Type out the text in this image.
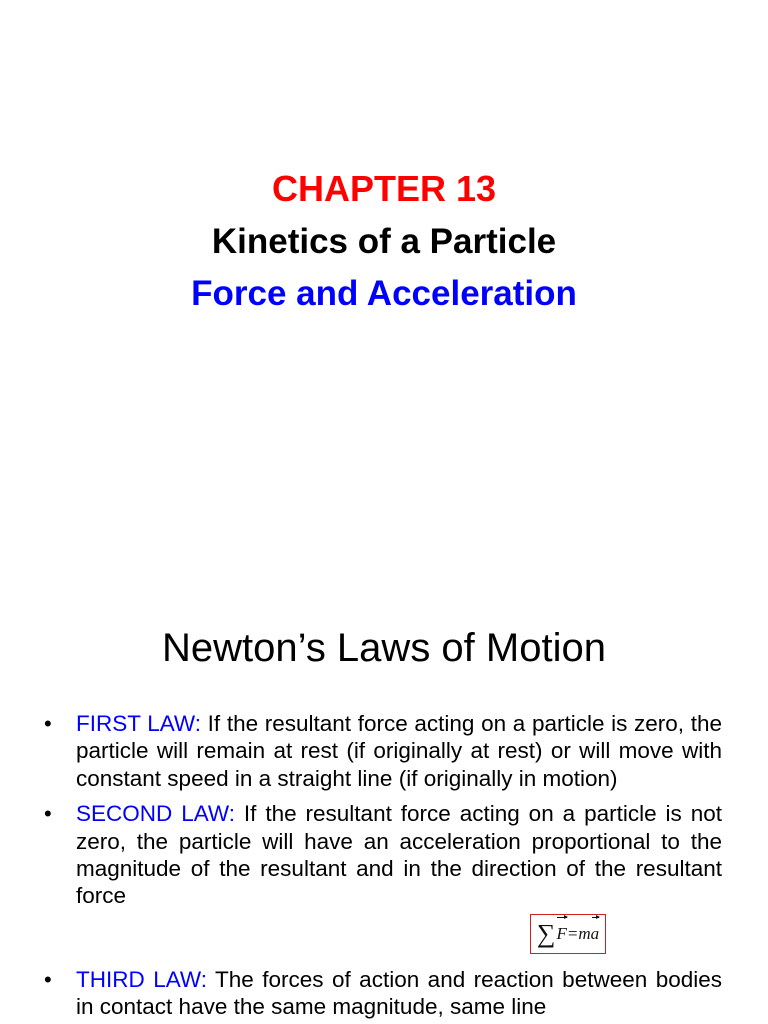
CHAPTER 13
Kinetics of a Particle
Force and Acceleration
Newton’s Laws of Motion
•	FIRST LAW: If the resultant force acting on a particle is zero, the particle will remain at rest (if originally at rest) or will move with constant speed in a straight line (if originally in motion)
•	SECOND LAW: If the resultant force acting on a particle is not zero, the particle will have an acceleration proportional to the magnitude of the resultant and in the direction of the resultant force
∑ F = m a
•	THIRD LAW: The forces of action and reaction between bodies in contact have the same magnitude, same line
